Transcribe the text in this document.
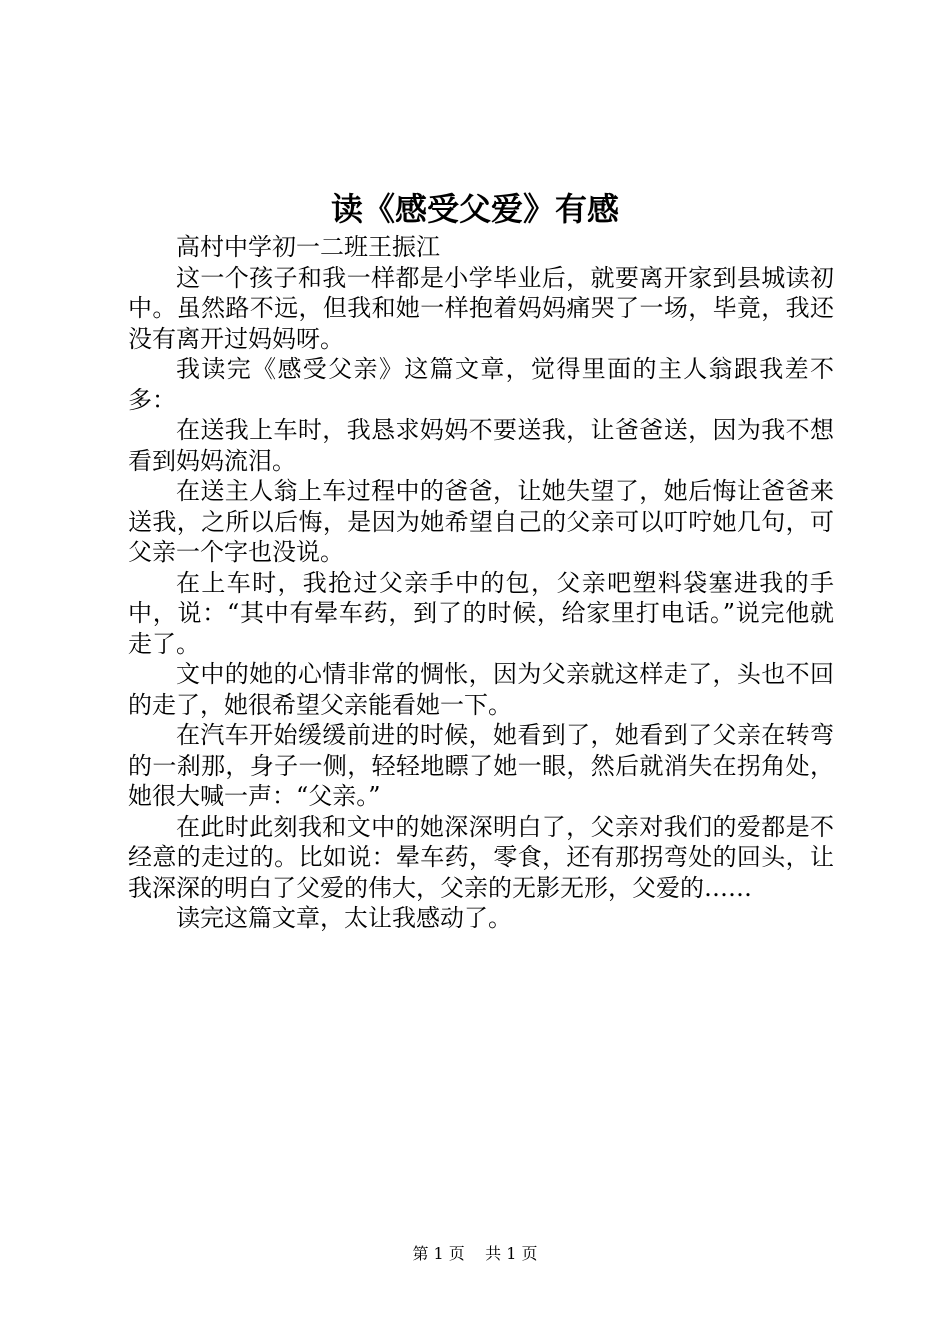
读《感受父爱》有感

高村中学初一二班王振江

这一个孩子和我一样都是小学毕业后，就要离开家到县城读初中。虽然路不远，但我和她一样抱着妈妈痛哭了一场，毕竟，我还没有离开过妈妈呀。

我读完《感受父亲》这篇文章，觉得里面的主人翁跟我差不多：

在送我上车时，我恳求妈妈不要送我，让爸爸送，因为我不想看到妈妈流泪。

在送主人翁上车过程中的爸爸，让她失望了，她后悔让爸爸来送我，之所以后悔，是因为她希望自己的父亲可以叮咛她几句，可父亲一个字也没说。

在上车时，我抢过父亲手中的包，父亲吧塑料袋塞进我的手中，说：“其中有晕车药，到了的时候，给家里打电话。”说完他就走了。

文中的她的心情非常的惆怅，因为父亲就这样走了，头也不回的走了，她很希望父亲能看她一下。

在汽车开始缓缓前进的时候，她看到了，她看到了父亲在转弯的一刹那，身子一侧，轻轻地瞟了她一眼，然后就消失在拐角处，她很大喊一声：“父亲。”

在此时此刻我和文中的她深深明白了，父亲对我们的爱都是不经意的走过的。比如说：晕车药，零食，还有那拐弯处的回头，让我深深的明白了父爱的伟大，父亲的无影无形，父爱的……

读完这篇文章，太让我感动了。

第 1 页 共 1 页
